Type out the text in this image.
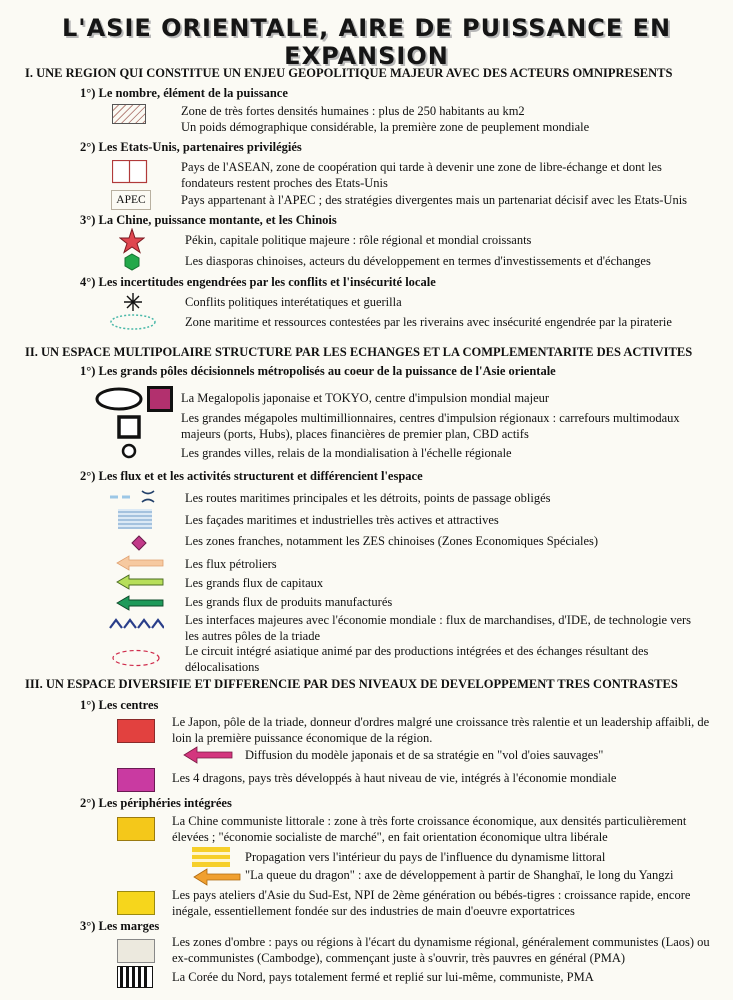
L'ASIE ORIENTALE, AIRE DE PUISSANCE EN EXPANSION
I. UNE REGION QUI CONSTITUE UN ENJEU GEOPOLITIQUE MAJEUR AVEC DES ACTEURS OMNIPRESENTS
1°) Le nombre, élément de la puissance
Zone de très fortes densités humaines : plus de 250 habitants au km2
Un poids démographique considérable, la première zone de peuplement mondiale
2°) Les Etats-Unis, partenaires privilégiés
Pays de l'ASEAN, zone de coopération qui tarde à devenir une zone de libre-échange et dont les fondateurs restent proches des Etats-Unis
APEC	Pays appartenant à l'APEC ; des stratégies divergentes mais un partenariat décisif avec les Etats-Unis
3°) La Chine, puissance montante, et les Chinois
Pékin, capitale politique majeure : rôle régional et mondial croissants
Les diasporas chinoises, acteurs du développement en termes d'investissements et d'échanges
4°) Les incertitudes engendrées par les conflits et l'insécurité locale
Conflits politiques interétatiques et guerilla
Zone maritime et ressources contestées par les riverains avec insécurité engendrée par la piraterie
II. UN ESPACE MULTIPOLAIRE STRUCTURE PAR LES ECHANGES ET LA COMPLEMENTARITE DES ACTIVITES
1°) Les grands pôles décisionnels métropolisés au coeur de la puissance de l'Asie orientale
La Megalopolis japonaise et TOKYO, centre d'impulsion mondial majeur
Les grandes mégapoles multimillionnaires, centres d'impulsion régionaux : carrefours multimodaux majeurs (ports, Hubs), places financières de premier plan, CBD actifs
Les grandes villes, relais de la mondialisation à l'échelle régionale
2°) Les flux et et les activités structurent et différencient l'espace
Les routes maritimes principales et les détroits, points de passage obligés
Les façades maritimes et industrielles très actives et attractives
Les zones franches, notamment les ZES chinoises (Zones Economiques Spéciales)
Les flux pétroliers
Les grands flux de capitaux
Les grands flux de produits manufacturés
Les interfaces majeures avec l'économie mondiale : flux de marchandises, d'IDE, de technologie vers les autres pôles de la triade
Le circuit intégré asiatique animé par des productions intégrées et des échanges résultant des délocalisations
III. UN ESPACE DIVERSIFIE ET DIFFERENCIE PAR DES NIVEAUX DE DEVELOPPEMENT TRES CONTRASTES
1°) Les centres
Le Japon, pôle de la triade, donneur d'ordres malgré une croissance très ralentie et un leadership affaibli, de loin la première puissance économique de la région.
Diffusion du modèle japonais et de sa stratégie en "vol d'oies sauvages"
Les 4 dragons, pays très développés à haut niveau de vie, intégrés à l'économie mondiale
2°) Les périphéries intégrées
La Chine communiste littorale : zone à très forte croissance économique, aux densités particulièrement élevées ; "économie socialiste de marché", en fait orientation économique ultra libérale
Propagation vers l'intérieur du pays de l'influence du dynamisme littoral
"La queue du dragon" : axe de développement à partir de Shanghaï, le long du Yangzi
Les pays ateliers d'Asie du Sud-Est, NPI de 2ème génération ou bébés-tigres : croissance rapide, encore inégale, essentiellement fondée sur des industries de main d'oeuvre exportatrices
3°) Les marges
Les zones d'ombre : pays ou régions à l'écart du dynamisme régional, généralement communistes (Laos) ou ex-communistes (Cambodge), commençant juste à s'ouvrir, très pauvres en général (PMA)
La Corée du Nord, pays totalement fermé et replié sur lui-même, communiste, PMA
